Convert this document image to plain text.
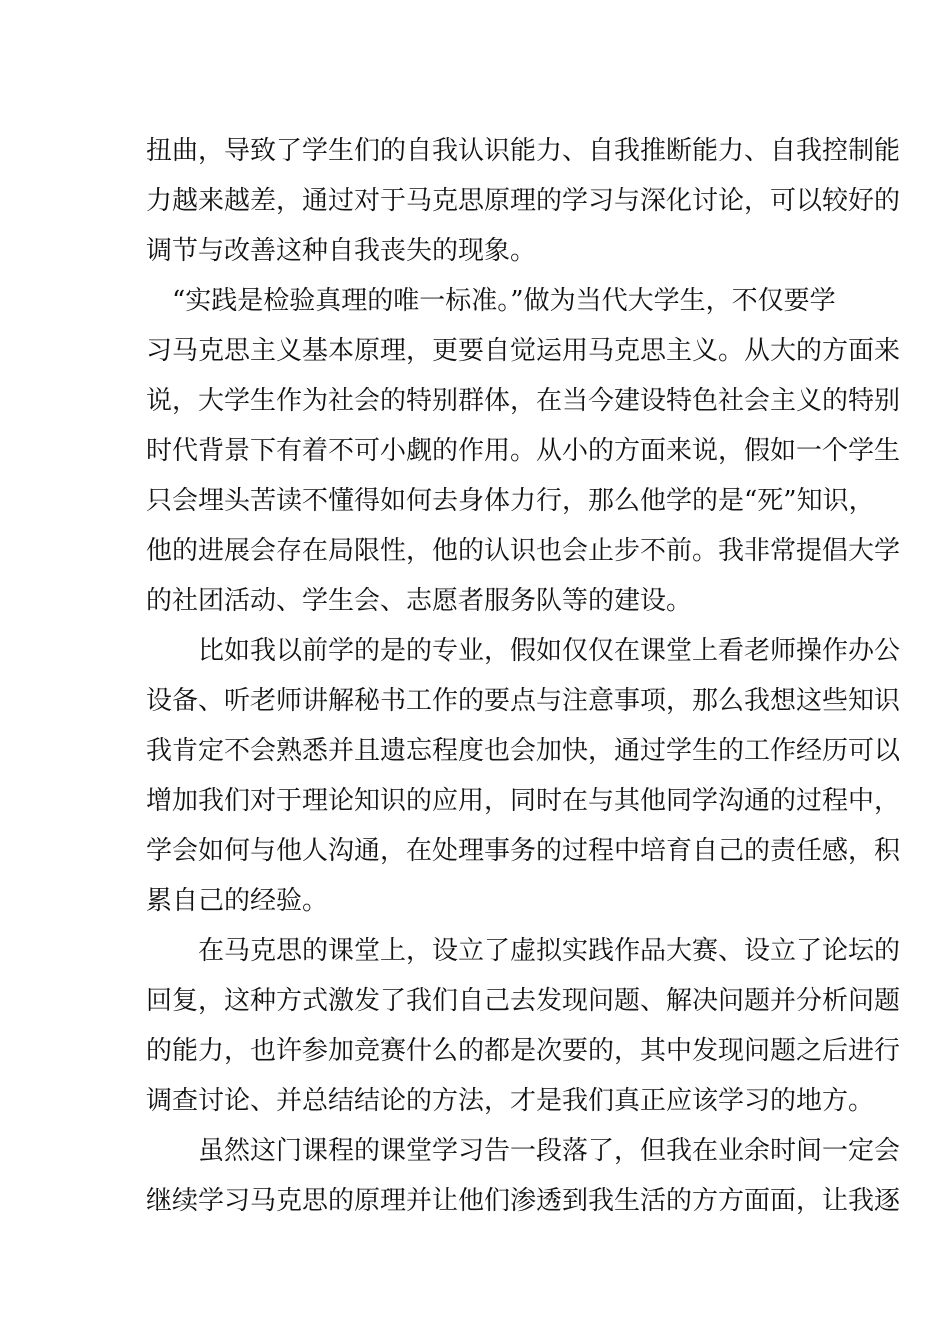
扭曲，导致了学生们的自我认识能力、自我推断能力、自我控制能
力越来越差，通过对于马克思原理的学习与深化讨论，可以较好的
调节与改善这种自我丧失的现象。
　“实践是检验真理的唯一标准。”做为当代大学生，不仅要学
习马克思主义基本原理，更要自觉运用马克思主义。从大的方面来
说，大学生作为社会的特别群体，在当今建设特色社会主义的特别
时代背景下有着不可小觑的作用。从小的方面来说，假如一个学生
只会埋头苦读不懂得如何去身体力行，那么他学的是“死”知识，
他的进展会存在局限性，他的认识也会止步不前。我非常提倡大学
的社团活动、学生会、志愿者服务队等的建设。
　　比如我以前学的是的专业，假如仅仅在课堂上看老师操作办公
设备、听老师讲解秘书工作的要点与注意事项，那么我想这些知识
我肯定不会熟悉并且遗忘程度也会加快，通过学生的工作经历可以
增加我们对于理论知识的应用，同时在与其他同学沟通的过程中，
学会如何与他人沟通，在处理事务的过程中培育自己的责任感，积
累自己的经验。
　　在马克思的课堂上，设立了虚拟实践作品大赛、设立了论坛的
回复，这种方式激发了我们自己去发现问题、解决问题并分析问题
的能力，也许参加竞赛什么的都是次要的，其中发现问题之后进行
调查讨论、并总结结论的方法，才是我们真正应该学习的地方。
　　虽然这门课程的课堂学习告一段落了，但我在业余时间一定会
继续学习马克思的原理并让他们渗透到我生活的方方面面，让我逐
